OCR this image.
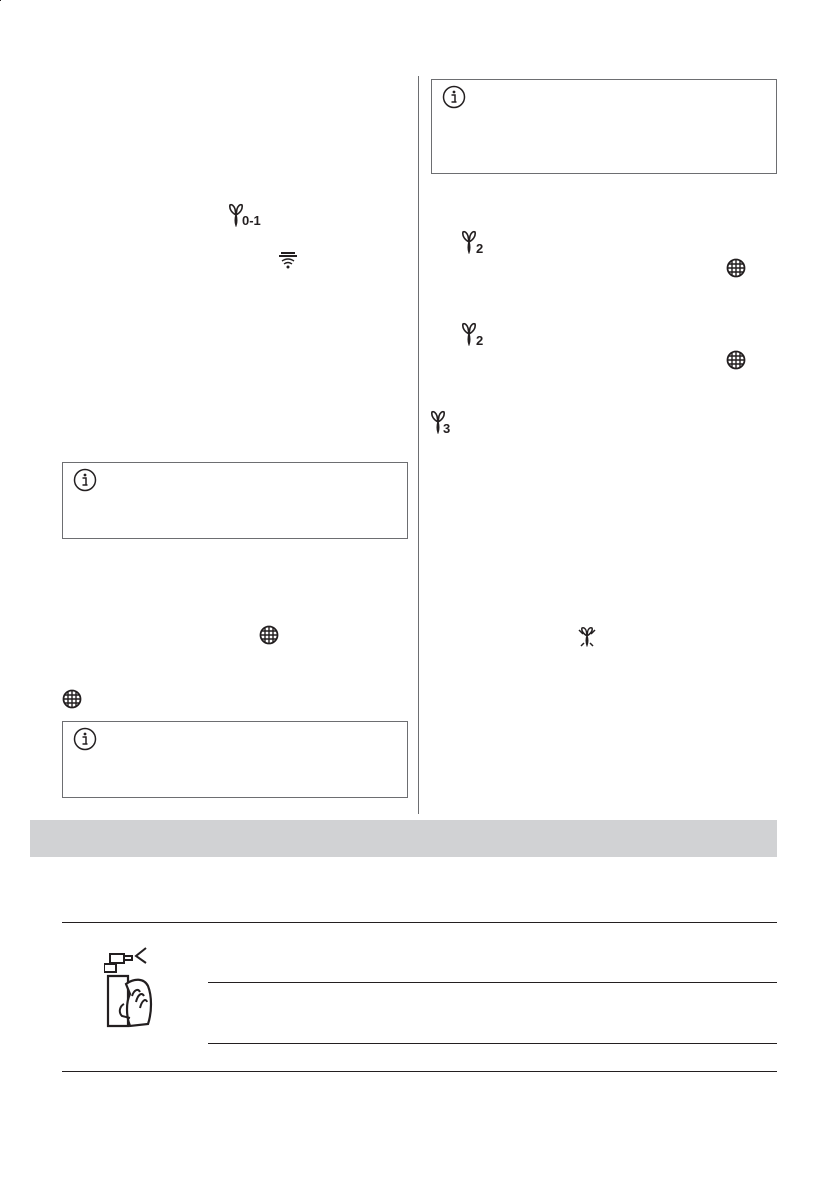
0-1
2
2
3
